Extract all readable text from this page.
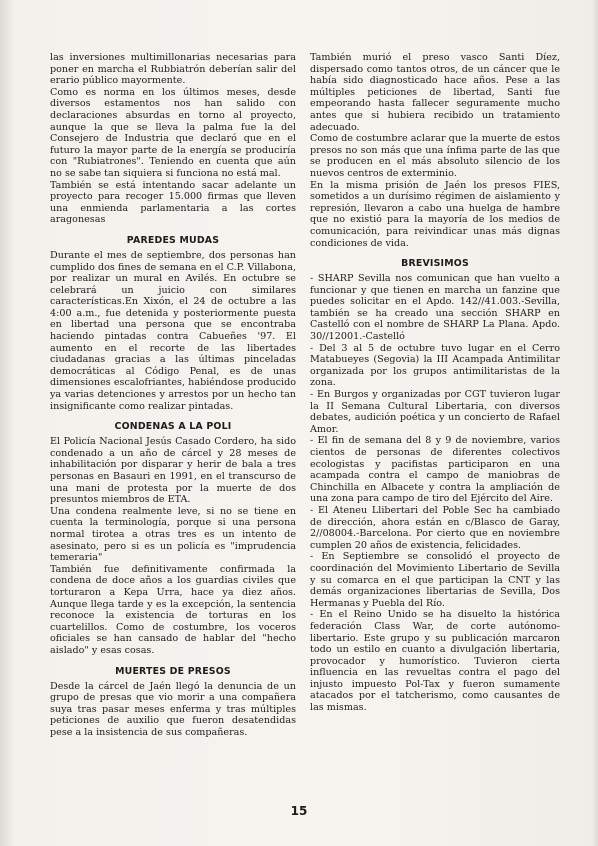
las inversiones multimillonarias necesarias para poner en marcha el Rubbiatrón deberían salir del erario público mayormente.

Como es norma en los últimos meses, desde diversos estamentos nos han salido con declaraciones absurdas en torno al proyecto, aunque la que se lleva la palma fue la del Consejero de Industria que declaró que en el futuro la mayor parte de la energía se produciría con "Rubiatrones". Teniendo en cuenta que aún no se sabe tan siquiera si funciona no está mal.

También se está intentando sacar adelante un proyecto para recoger 15.000 firmas que lleven una enmienda parlamentaria a las cortes aragonesas

PAREDES MUDAS

Durante el mes de septiembre, dos personas han cumplido dos fines de semana en el C.P. Villabona, por realizar un mural en Avilés. En octubre se celebrará un juicio con similares características.En Xixón, el 24 de octubre a las 4:00 a.m., fue detenida y posteriormente puesta en libertad una persona que se encontraba haciendo pintadas contra Cabueñes '97. El aumento en el recorte de las libertades ciudadanas gracias a las últimas pinceladas democráticas al Código Penal, es de unas dimensiones escalofriantes, habiéndose producido ya varias detenciones y arrestos por un hecho tan insignificante como realizar pintadas.

CONDENAS A LA POLI

El Policía Nacional Jesús Casado Cordero, ha sido condenado a un año de cárcel y 28 meses de inhabilitación por disparar y herir de bala a tres personas en Basauri en 1991, en el transcurso de una mani de protesta por la muerte de dos presuntos miembros de ETA.

Una condena realmente leve, si no se tiene en cuenta la terminología, porque si una persona normal tirotea a otras tres es un intento de asesinato, pero si es un policía es "imprudencia temeraria"

También fue definitivamente confirmada la condena de doce años a los guardias civiles que torturaron a Kepa Urra, hace ya diez años. Aunque llega tarde y es la excepción, la sentencia reconoce la existencia de torturas en los cuartelillos. Como de costumbre, los voceros oficiales se han cansado de hablar del "hecho aislado" y esas cosas.

MUERTES DE PRESOS

Desde la cárcel de Jaén llegó la denuncia de un grupo de presas que vio morir a una compañera suya tras pasar meses enferma y tras múltiples peticiones de auxilio que fueron desatendidas pese a la insistencia de sus compañeras.

También murió el preso vasco Santi Díez, dispersado como tantos otros, de un cáncer que le había sido diagnosticado hace años. Pese a las múltiples peticiones de libertad, Santi fue empeorando hasta fallecer seguramente mucho antes que si hubiera recibido un tratamiento adecuado.

Como de costumbre aclarar que la muerte de estos presos no son más que una ínfima parte de las que se producen en el más absoluto silencio de los nuevos centros de exterminio.

En la misma prisión de Jaén los presos FIES, sometidos a un durísimo régimen de aislamiento y represión, llevaron a cabo una huelga de hambre que no existió para la mayoría de los medios de comunicación, para reivindicar unas más dignas condiciones de vida.

BREVISIMOS

- SHARP Sevilla nos comunican que han vuelto a funcionar y que tienen en marcha un fanzine que puedes solicitar en el Apdo. 142//41.003.-Sevilla, también se ha creado una sección SHARP en Castelló con el nombre de SHARP La Plana. Apdo. 30//12001.-Castelló

- Del 3 al 5 de octubre tuvo lugar en el Cerro Matabueyes (Segovia) la III Acampada Antimilitar organizada por los grupos antimilitaristas de la zona.

- En Burgos y organizadas por CGT tuvieron lugar la II Semana Cultural Libertaria, con diversos debates, audición poética y un concierto de Rafael Amor.

- El fin de semana del 8 y 9 de noviembre, varios cientos de personas de diferentes colectivos ecologistas y pacifistas participaron en una acampada contra el campo de maniobras de Chinchilla en Albacete y contra la ampliación de una zona para campo de tiro del Ejército del Aire.

- El Ateneu Llibertari del Poble Sec ha cambiado de dirección, ahora están en c/Blasco de Garay, 2//08004.-Barcelona. Por cierto que en noviembre cumplen 20 años de existencia, felicidades.

- En Septiembre se consolidó el proyecto de coordinación del Movimiento Libertario de Sevilla y su comarca en el que participan la CNT y las demás organizaciones libertarias de Sevilla, Dos Hermanas y Puebla del Río.

- En el Reino Unido se ha disuelto la histórica federación Class War, de corte autónomo-libertario. Este grupo y su publicación marcaron todo un estilo en cuanto a divulgación libertaria, provocador y humorístico. Tuvieron cierta influencia en las revueltas contra el pago del injusto impuesto Pol-Tax y fueron sumamente atacados por el tatcherismo, como causantes de las mismas.

15
